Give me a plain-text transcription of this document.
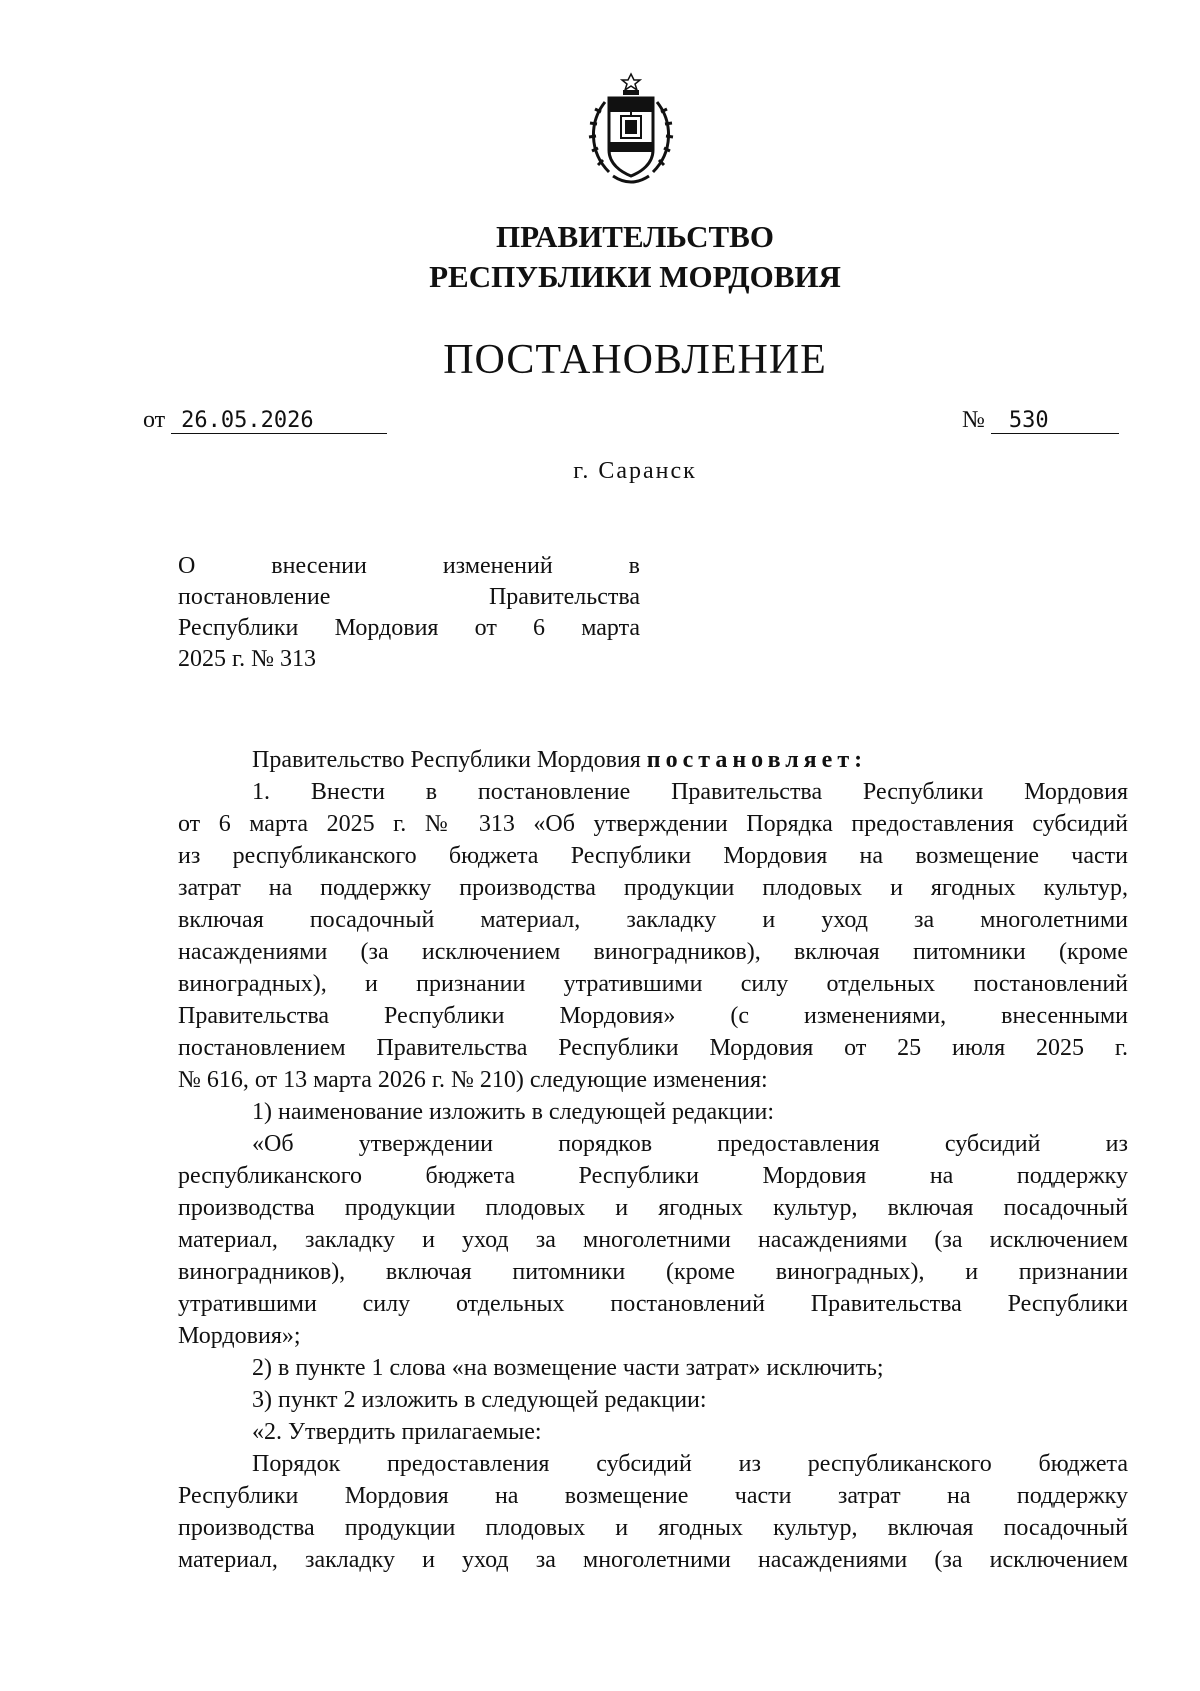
ПРАВИТЕЛЬСТВО
РЕСПУБЛИКИ МОРДОВИЯ
ПОСТАНОВЛЕНИЕ
от 26.05.2026	№ 530
г. Саранск
О внесении изменений в
постановление Правительства
Республики Мордовия от 6 марта
2025 г. № 313
Правительство Республики Мордовия постановляет:
1. Внести в постановление Правительства Республики Мордовия
от 6 марта 2025 г. № 313 «Об утверждении Порядка предоставления субсидий
из республиканского бюджета Республики Мордовия на возмещение части
затрат на поддержку производства продукции плодовых и ягодных культур,
включая посадочный материал, закладку и уход за многолетними
насаждениями (за исключением виноградников), включая питомники (кроме
виноградных), и признании утратившими силу отдельных постановлений
Правительства Республики Мордовия» (с изменениями, внесенными
постановлением Правительства Республики Мордовия от 25 июля 2025 г.
№ 616, от 13 марта 2026 г. № 210) следующие изменения:
1) наименование изложить в следующей редакции:
«Об утверждении порядков предоставления субсидий из
республиканского бюджета Республики Мордовия на поддержку
производства продукции плодовых и ягодных культур, включая посадочный
материал, закладку и уход за многолетними насаждениями (за исключением
виноградников), включая питомники (кроме виноградных), и признании
утратившими силу отдельных постановлений Правительства Республики
Мордовия»;
2) в пункте 1 слова «на возмещение части затрат» исключить;
3) пункт 2 изложить в следующей редакции:
«2. Утвердить прилагаемые:
Порядок предоставления субсидий из республиканского бюджета
Республики Мордовия на возмещение части затрат на поддержку
производства продукции плодовых и ягодных культур, включая посадочный
материал, закладку и уход за многолетними насаждениями (за исключением
